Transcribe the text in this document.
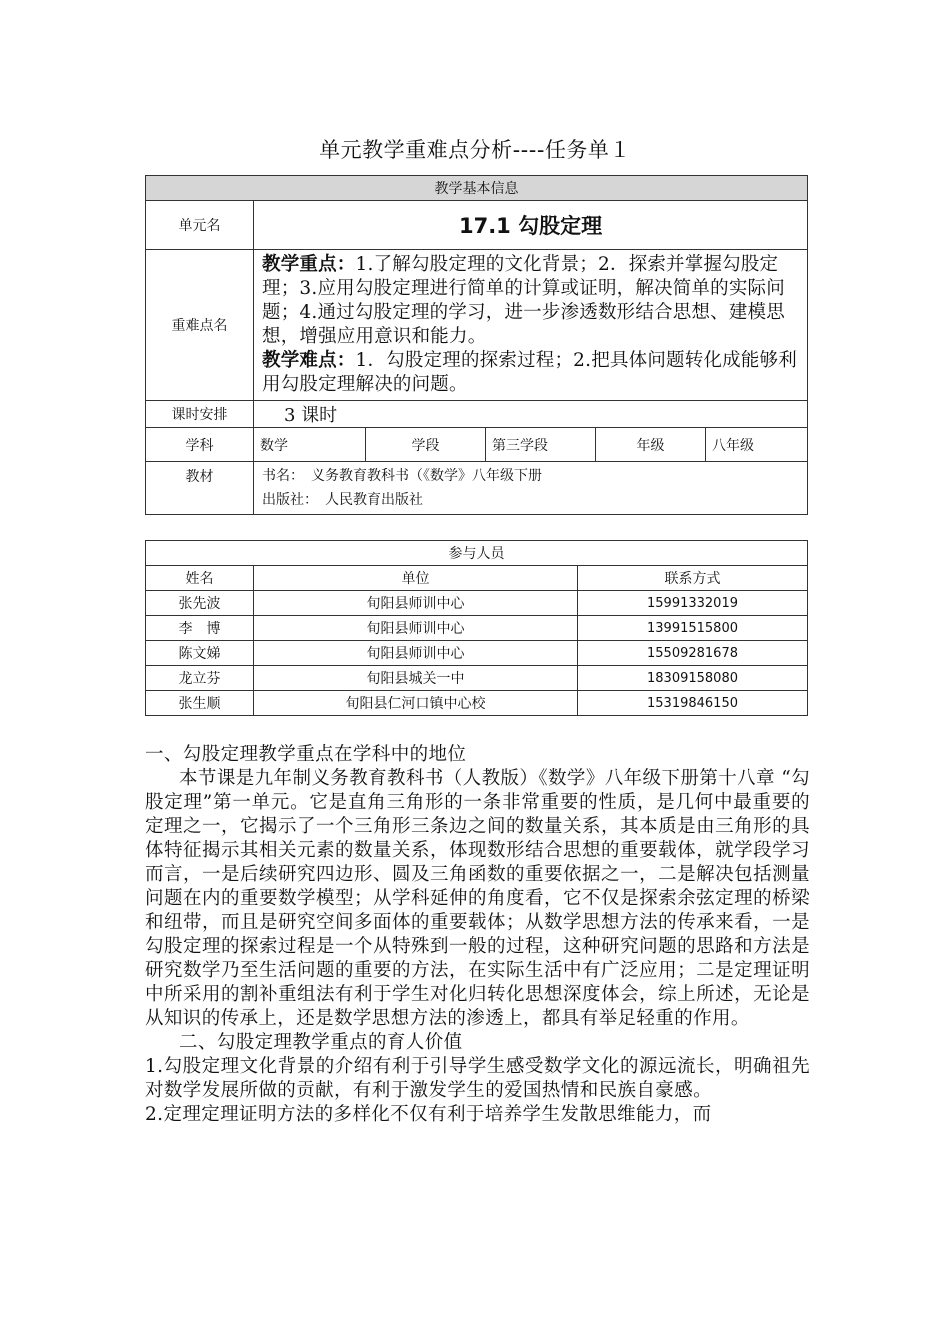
单元教学重难点分析----任务单１
教学基本信息					
单元名	17.1 勾股定理				
重难点名	教学重点：1.了解勾股定理的文化背景；2．探索并掌握勾股定理；3.应用勾股定理进行简单的计算或证明，解决简单的实际问题；4.通过勾股定理的学习，进一步渗透数形结合思想、建模思想，增强应用意识和能力。
教学难点：1．勾股定理的探索过程；2.把具体问题转化成能够利用勾股定理解决的问题。				
课时安排	3 课时				
学科	数学	学段	第三学段	年级	八年级
教材	书名：　义务教育教科书（《数学》八年级下册
出版社：　人民教育出版社				
参与人员		
姓名	单位	联系方式
张先波	旬阳县师训中心	15991332019
李　博	旬阳县师训中心	13991515800
陈文娣	旬阳县师训中心	15509281678
龙立芬	旬阳县城关一中	18309158080
张生顺	旬阳县仁河口镇中心校	15319846150

一、勾股定理教学重点在学科中的地位

本节课是九年制义务教育教科书（人教版）《数学》八年级下册第十八章 “勾股定理”第一单元。它是直角三角形的一条非常重要的性质，是几何中最重要的定理之一，它揭示了一个三角形三条边之间的数量关系，其本质是由三角形的具体特征揭示其相关元素的数量关系，体现数形结合思想的重要载体，就学段学习而言，一是后续研究四边形、圆及三角函数的重要依据之一，二是解决包括测量问题在内的重要数学模型；从学科延伸的角度看，它不仅是探索余弦定理的桥梁和纽带，而且是研究空间多面体的重要载体；从数学思想方法的传承来看，一是勾股定理的探索过程是一个从特殊到一般的过程，这种研究问题的思路和方法是研究数学乃至生活问题的重要的方法，在实际生活中有广泛应用；二是定理证明中所采用的割补重组法有利于学生对化归转化思想深度体会，综上所述，无论是从知识的传承上，还是数学思想方法的渗透上，都具有举足轻重的作用。

二、勾股定理教学重点的育人价值

1.勾股定理文化背景的介绍有利于引导学生感受数学文化的源远流长，明确祖先对数学发展所做的贡献，有利于激发学生的爱国热情和民族自豪感。

2.定理定理证明方法的多样化不仅有利于培养学生发散思维能力，而
